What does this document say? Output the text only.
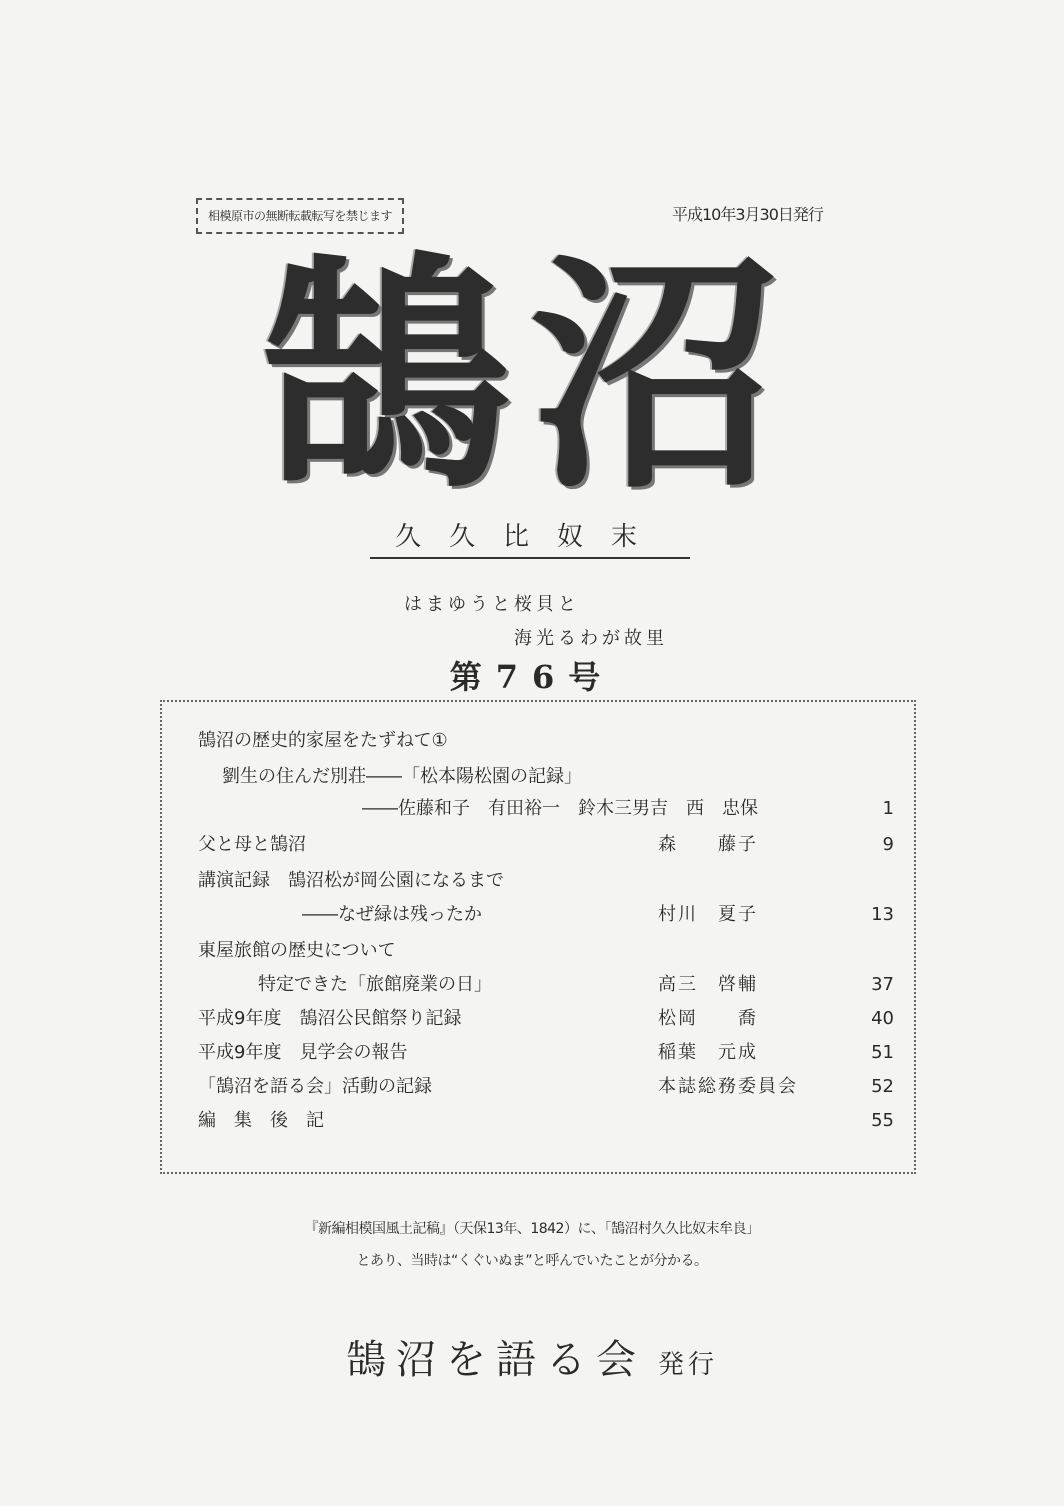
相模原市の無断転載転写を禁じます	平成10年3月30日発行
鵠沼
久久比奴末
はまゆうと桜貝と
海光るわが故里
第76号
鵠沼の歴史的家屋をたずねて①
劉生の住んだ別荘――「松本陽松園の記録」
――佐藤和子　有田裕一　鈴木三男吉　西　忠保	1
父と母と鵠沼	森　　藤子	9
講演記録　鵠沼松が岡公園になるまで
――なぜ緑は残ったか	村川　夏子	13
東屋旅館の歴史について
特定できた「旅館廃業の日」	高三　啓輔	37
平成9年度　鵠沼公民館祭り記録	松岡　　喬	40
平成9年度　見学会の報告	稲葉　元成	51
「鵠沼を語る会」活動の記録	本誌総務委員会	52
編　集　後　記	55
『新編相模国風土記稿』（天保13年、1842）に、「鵠沼村久久比奴末牟良」
とあり、当時は“くぐいぬま”と呼んでいたことが分かる。
鵠沼を語る会 発行
